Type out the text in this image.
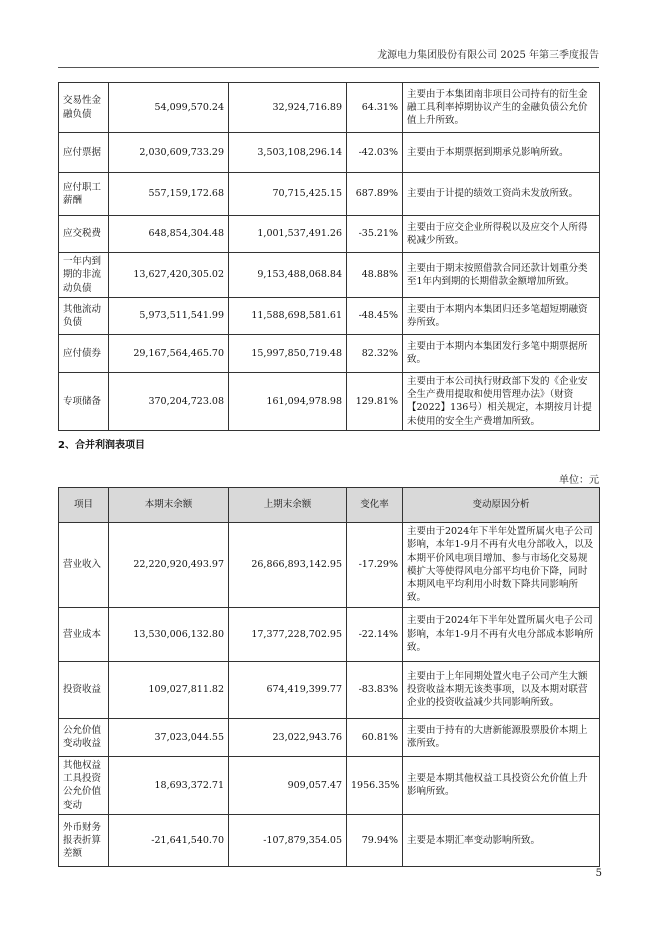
龙源电力集团股份有限公司 2025 年第三季度报告
交易性金融负债	54,099,570.24	32,924,716.89	64.31%	主要由于本集团南非项目公司持有的衍生金融工具利率掉期协议产生的金融负债公允价值上升所致。
应付票据	2,030,609,733.29	3,503,108,296.14	-42.03%	主要由于本期票据到期承兑影响所致。
应付职工薪酬	557,159,172.68	70,715,425.15	687.89%	主要由于计提的绩效工资尚未发放所致。
应交税费	648,854,304.48	1,001,537,491.26	-35.21%	主要由于应交企业所得税以及应交个人所得税减少所致。
一年内到期的非流动负债	13,627,420,305.02	9,153,488,068.84	48.88%	主要由于期末按照借款合同还款计划重分类至1年内到期的长期借款金额增加所致。
其他流动负债	5,973,511,541.99	11,588,698,581.61	-48.45%	主要由于本期内本集团归还多笔超短期融资券所致。
应付债券	29,167,564,465.70	15,997,850,719.48	82.32%	主要由于本期内本集团发行多笔中期票据所致。
专项储备	370,204,723.08	161,094,978.98	129.81%	主要由于本公司执行财政部下发的《企业安全生产费用提取和使用管理办法》（财资【2022】136号）相关规定，本期按月计提未使用的安全生产费增加所致。
2、合并利润表项目
单位：元
项目	本期末余额	上期末余额	变化率	变动原因分析
营业收入	22,220,920,493.97	26,866,893,142.95	-17.29%	主要由于2024年下半年处置所属火电子公司影响，本年1-9月不再有火电分部收入，以及本期平价风电项目增加、参与市场化交易规模扩大等使得风电分部平均电价下降，同时本期风电平均利用小时数下降共同影响所致。
营业成本	13,530,006,132.80	17,377,228,702.95	-22.14%	主要由于2024年下半年处置所属火电子公司影响，本年1-9月不再有火电分部成本影响所致。
投资收益	109,027,811.82	674,419,399.77	-83.83%	主要由于上年同期处置火电子公司产生大额投资收益本期无该类事项，以及本期对联营企业的投资收益减少共同影响所致。
公允价值变动收益	37,023,044.55	23,022,943.76	60.81%	主要由于持有的大唐新能源股票股价本期上涨所致。
其他权益工具投资公允价值变动	18,693,372.71	909,057.47	1956.35%	主要是本期其他权益工具投资公允价值上升影响所致。
外币财务报表折算差额	-21,641,540.70	-107,879,354.05	79.94%	主要是本期汇率变动影响所致。
5
